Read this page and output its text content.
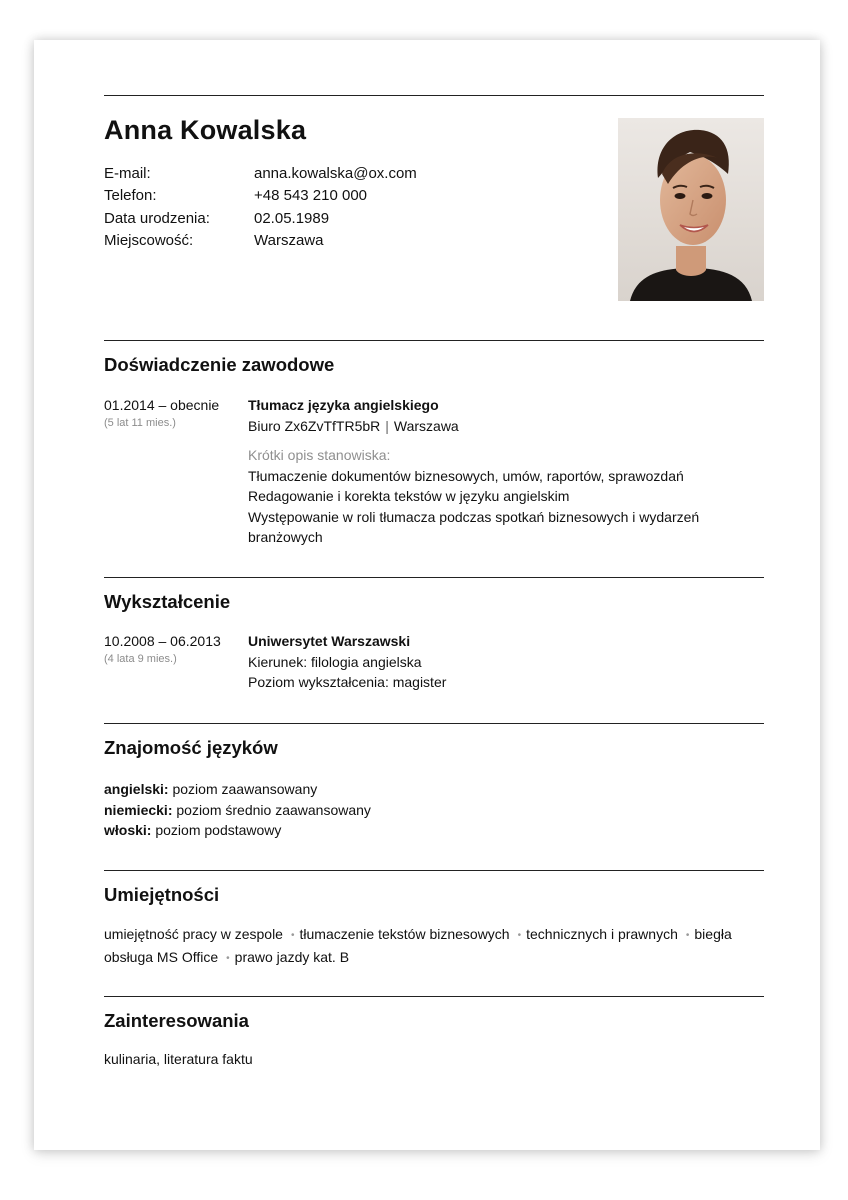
Anna Kowalska
E-mail:	anna.kowalska@ox.com
Telefon:	+48 543 210 000
Data urodzenia:	02.05.1989
Miejscowość:	Warszawa
Doświadczenie zawodowe
01.2014 – obecnie
(5 lat 11 mies.)
Tłumacz języka angielskiego
Biuro Zx6ZvTfTR5bR | Warszawa
Krótki opis stanowiska:
Tłumaczenie dokumentów biznesowych, umów, raportów, sprawozdań
Redagowanie i korekta tekstów w języku angielskim
Występowanie w roli tłumacza podczas spotkań biznesowych i wydarzeń
branżowych
Wykształcenie
10.2008 – 06.2013
(4 lata 9 mies.)
Uniwersytet Warszawski
Kierunek: filologia angielska
Poziom wykształcenia: magister
Znajomość języków
angielski: poziom zaawansowany
niemiecki: poziom średnio zaawansowany
włoski: poziom podstawowy
Umiejętności
umiejętność pracy w zespole • tłumaczenie tekstów biznesowych • technicznych i prawnych • biegła obsługa MS Office • prawo jazdy kat. B
Zainteresowania
kulinaria, literatura faktu
